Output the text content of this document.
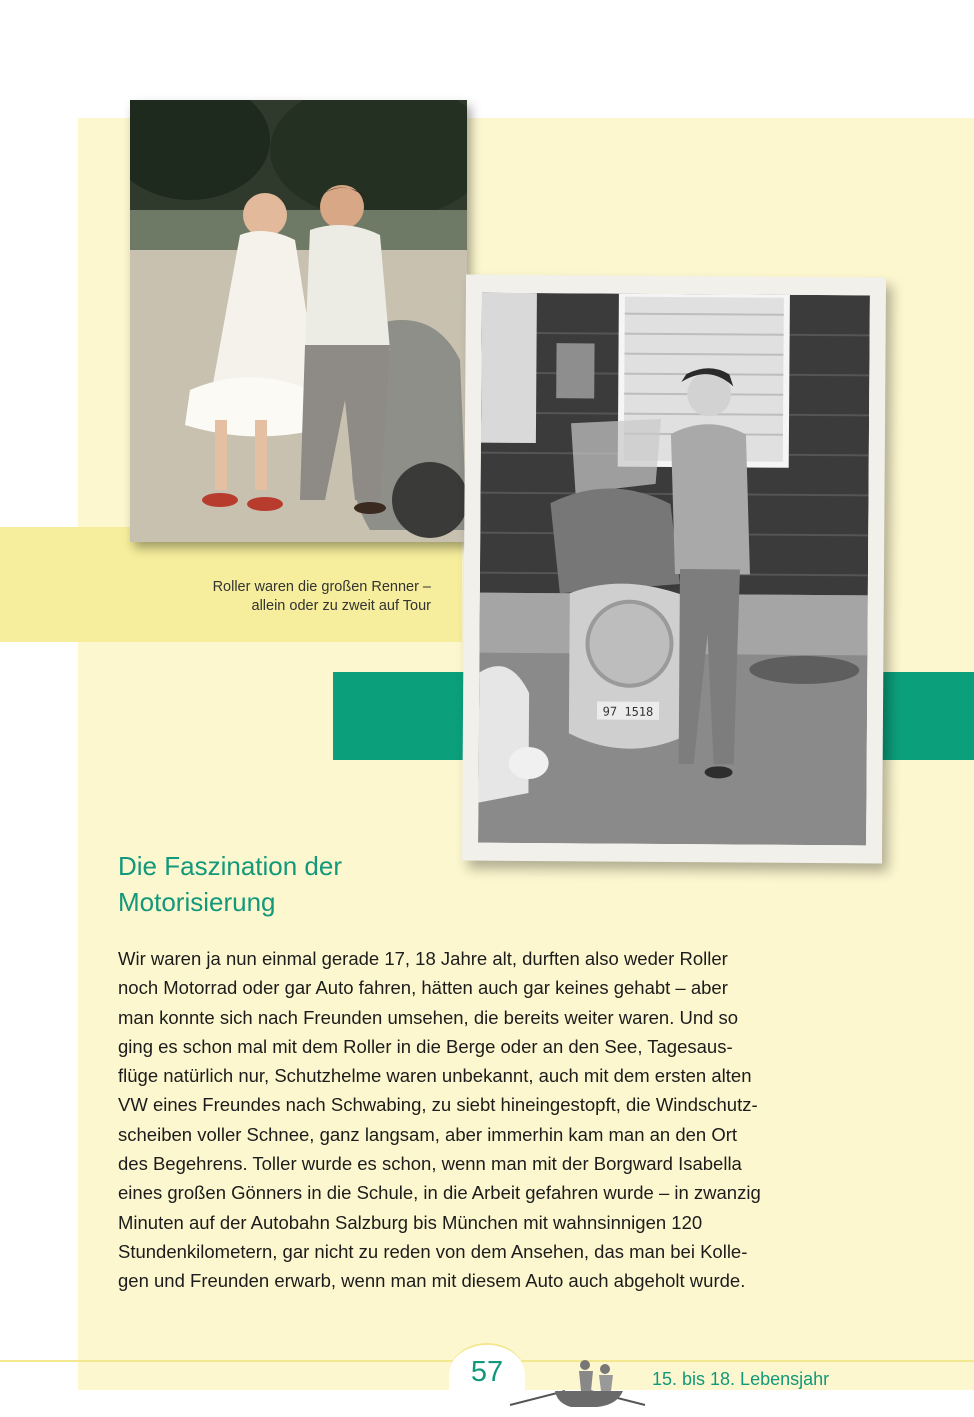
97 1518
Roller waren die großen Renner –
allein oder zu zweit auf Tour
Die Faszination der
Motorisierung
Wir waren ja nun einmal gerade 17, 18 Jahre alt, durften also weder Roller
noch Motorrad oder gar Auto fahren, hätten auch gar keines gehabt – aber
man konnte sich nach Freunden umsehen, die bereits weiter waren. Und so
ging es schon mal mit dem Roller in die Berge oder an den See, Tagesaus-
flüge natürlich nur, Schutzhelme waren unbekannt, auch mit dem ersten alten
VW eines Freundes nach Schwabing, zu siebt hineingestopft, die Windschutz-
scheiben voller Schnee, ganz langsam, aber immerhin kam man an den Ort
des Begehrens. Toller wurde es schon, wenn man mit der Borgward Isabella
eines großen Gönners in die Schule, in die Arbeit gefahren wurde – in zwanzig
Minuten auf der Autobahn Salzburg bis München mit wahnsinnigen 120
Stundenkilometern, gar nicht zu reden von dem Ansehen, das man bei Kolle-
gen und Freunden erwarb, wenn man mit diesem Auto auch abgeholt wurde.
57	15. bis 18. Lebensjahr
